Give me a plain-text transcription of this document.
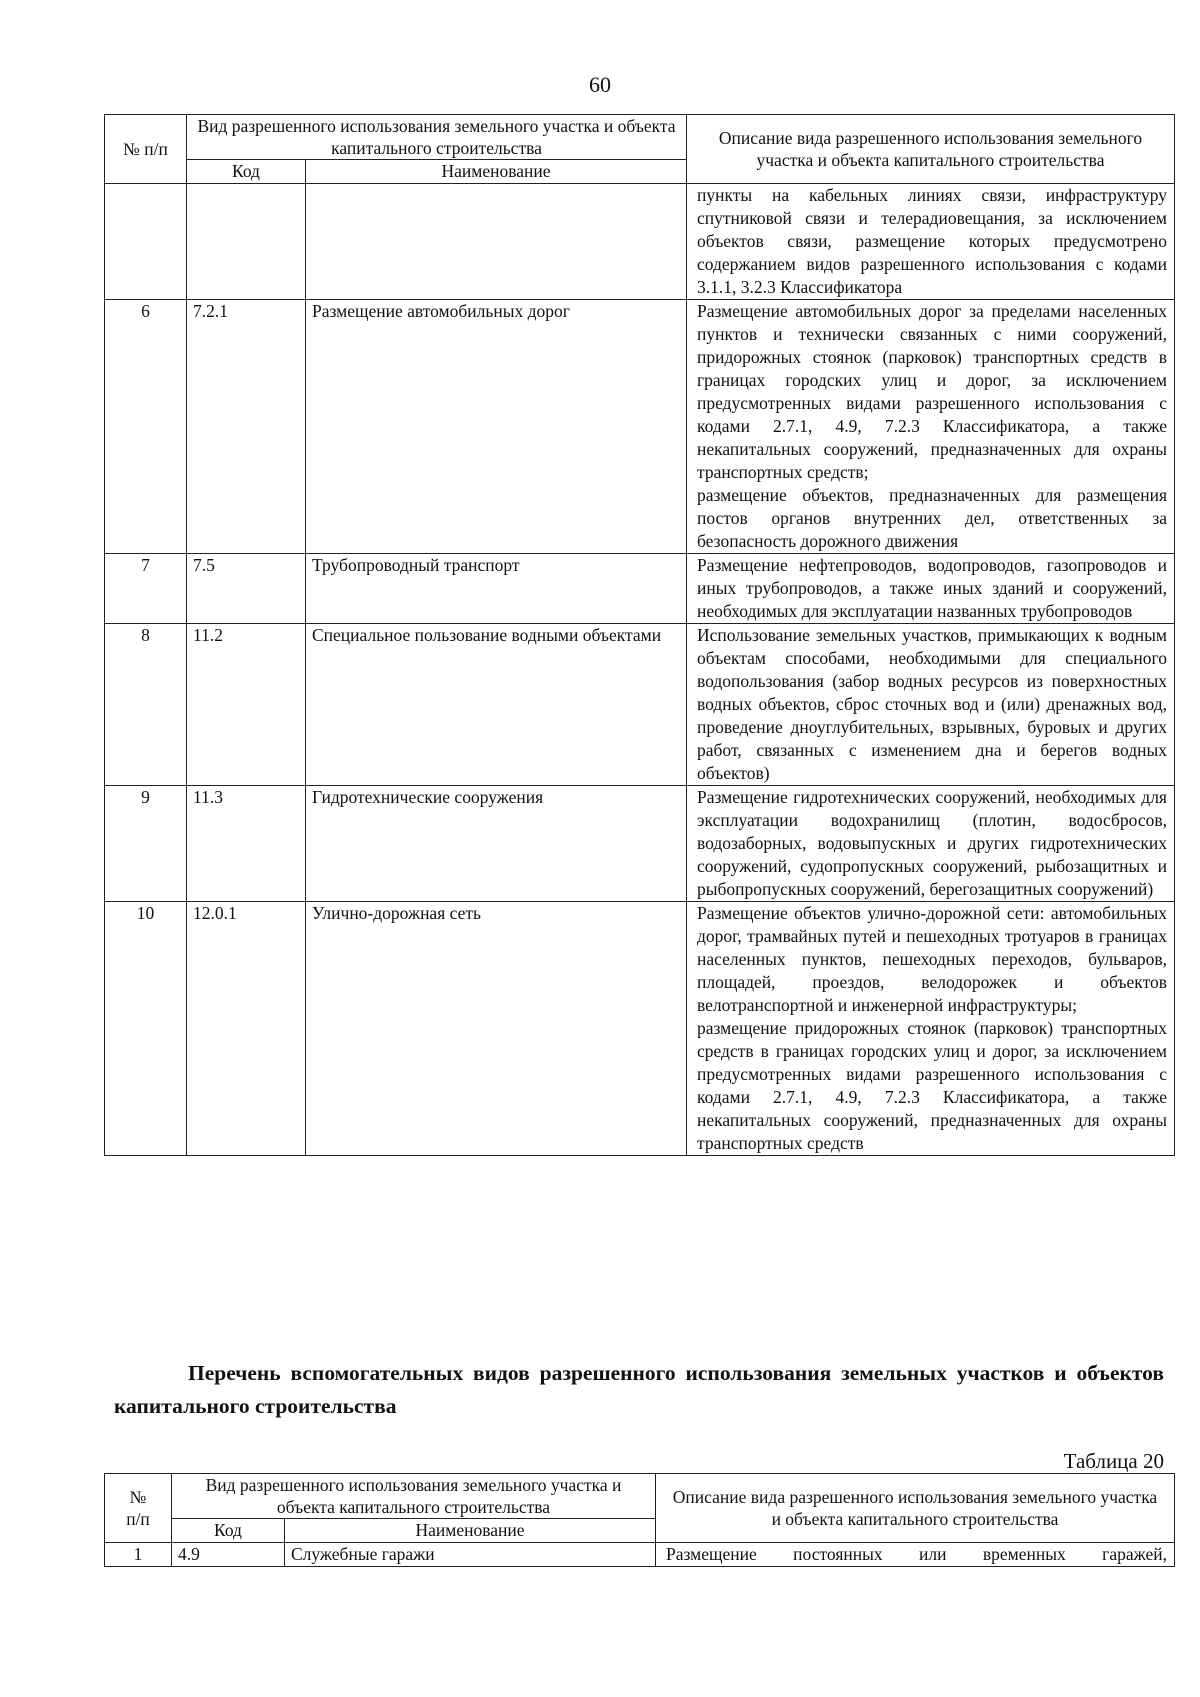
60
№ п/п	Вид разрешенного использования земельного участка и объекта капитального строительства		Описание вида разрешенного использования земельного участка и объекта капитального строительства
	Код	Наименование	

			пункты на кабельных линиях связи, инфраструктуру спутниковой связи и телерадиовещания, за исключением объектов связи, размещение которых предусмотрено содержанием видов разрешенного использования с кодами 3.1.1, 3.2.3 Классификатора

6	7.2.1	Размещение автомобильных дорог	Размещение автомобильных дорог за пределами населенных пунктов и технически связанных с ними сооружений, придорожных стоянок (парковок) транспортных средств в границах городских улиц и дорог, за исключением предусмотренных видами разрешенного использования с кодами 2.7.1, 4.9, 7.2.3 Классификатора, а также некапитальных сооружений, предназначенных для охраны транспортных средств;

размещение объектов, предназначенных для размещения постов органов внутренних дел, ответственных за безопасность дорожного движения

7	7.5	Трубопроводный транспорт	Размещение нефтепроводов, водопроводов, газопроводов и иных трубопроводов, а также иных зданий и сооружений, необходимых для эксплуатации названных трубопроводов

8	11.2	Специальное пользование водными объектами	Использование земельных участков, примыкающих к водным объектам способами, необходимыми для специального водопользования (забор водных ресурсов из поверхностных водных объектов, сброс сточных вод и (или) дренажных вод, проведение дноуглубительных, взрывных, буровых и других работ, связанных с изменением дна и берегов водных объектов)

9	11.3	Гидротехнические сооружения	Размещение гидротехнических сооружений, необходимых для эксплуатации водохранилищ (плотин, водосбросов, водозаборных, водовыпускных и других гидротехнических сооружений, судопропускных сооружений, рыбозащитных и рыбопропускных сооружений, берегозащитных сооружений)

10	12.0.1	Улично-дорожная сеть	Размещение объектов улично-дорожной сети: автомобильных дорог, трамвайных путей и пешеходных тротуаров в границах населенных пунктов, пешеходных переходов, бульваров, площадей, проездов, велодорожек и объектов велотранспортной и инженерной инфраструктуры;

размещение придорожных стоянок (парковок) транспортных средств в границах городских улиц и дорог, за исключением предусмотренных видами разрешенного использования с кодами 2.7.1, 4.9, 7.2.3 Классификатора, а также некапитальных сооружений, предназначенных для охраны транспортных средств

Перечень вспомогательных видов разрешенного использования земельных участков и объектов капитального строительства

Таблица 20
№ п/п	Вид разрешенного использования земельного участка и объекта капитального строительства		Описание вида разрешенного использования земельного участка и объекта капитального строительства
	Код	Наименование	
1	4.9	Служебные гаражи	Размещение постоянных или временных гаражей,
